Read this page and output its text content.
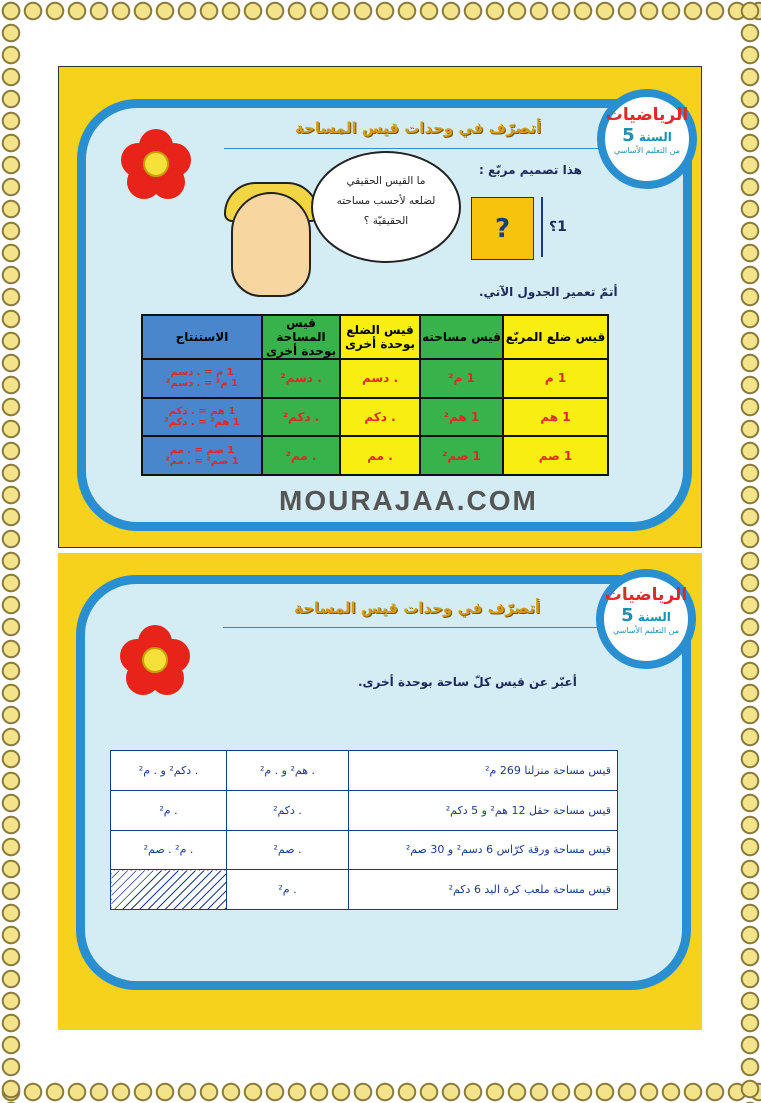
الرياضيات
السنة 5
من التعليم الأساسي
أتصرّف في وحدات قيس المساحة
ما القيس الحقيقي
لضلعه لأحسب مساحته
الحقيقيّة ؟
هذا تصميم مربّع :
?	1؟
أتمّ تعمير الجدول الآتي.
قيس ضلع المربّع	قيس مساحته	قيس الضلع بوحدة أخرى	قيس المساحة بوحدة أخرى	الاستنتاج
1 م	1 م²	. دسم	. دسم²	1 م = . دسم
1 م² = . دسم²

1 هم	1 هم²	. دكم	. دكم²	1 هم = . دكم
1 هم² = . دكم²

1 صم	1 صم²	. مم	. مم²	1 صم = . مم
1 صم² = . مم²
MOURAJAA.COM
الرياضيات
السنة 5
من التعليم الأساسي
أتصرّف في وحدات قيس المساحة
أعبّر عن قيس كلّ ساحة بوحدة أخرى.
قيس مساحة منزلنا 269 م²	. هم² و . م²	. دكم² و . م²
قيس مساحة حقل 12 هم² و 5 دكم²	. دكم²	. م²
قيس مساحة ورقة كرّاس 6 دسم² و 30 صم²	. صم²	. م² . صم²
قيس مساحة ملعب كرة اليد 6 دكم²	. م²	
